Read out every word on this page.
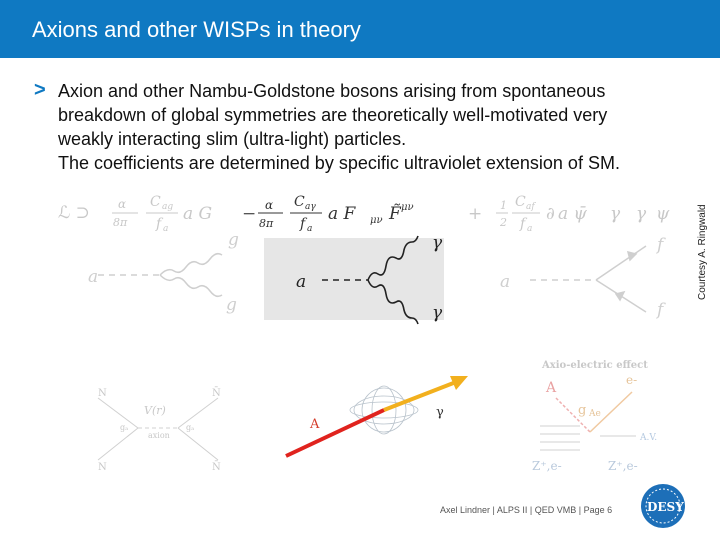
Axions and other WISPs in theory
> Axion and other Nambu-Goldstone bosons arising from spontaneous
breakdown of global symmetries are theoretically well-motivated very
weakly interacting slim (ultra-light) particles.
The coefficients are determined by specific ultraviolet extension of SM.
Courtesy A. Ringwald
ℒ ⊃ α
8π
C ag
f a
a G − α
8π
C aγ
f a
a F μν F̃ μν	+ 1
2
C af
f a
∂ a ψ̄ γ γ ψ
a
g
g
a
γ
γ
a
f
f
N	N̄
N	N̄
V(r)
gₐ	gₐ
axion
A
γ
Axio-electric effect
A	e-
g Ae
A.V.
Z⁺,e-	Z⁺,e-
DESY
Axel Lindner | ALPS II | QED VMB | Page 6
